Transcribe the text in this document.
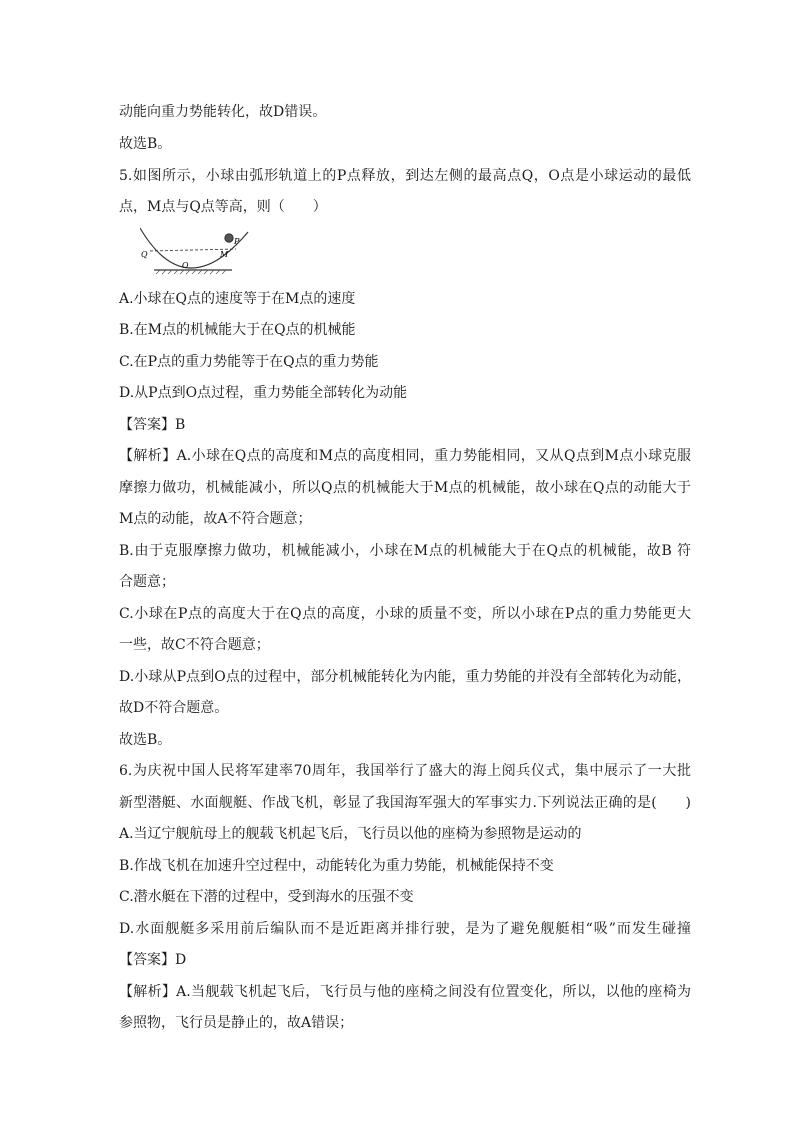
动能向重力势能转化，故D错误。
故选B。
5.如图所示，小球由弧形轨道上的P点释放，到达左侧的最高点Q，O点是小球运动的最低
点，M点与Q点等高，则（　　）
P
Q
O
M
A.小球在Q点的速度等于在M点的速度
B.在M点的机械能大于在Q点的机械能
C.在P点的重力势能等于在Q点的重力势能
D.从P点到O点过程，重力势能全部转化为动能
【答案】B
【解析】A.小球在Q点的高度和M点的高度相同，重力势能相同，又从Q点到M点小球克服
摩擦力做功，机械能减小，所以Q点的机械能大于M点的机械能，故小球在Q点的动能大于
M点的动能，故A不符合题意；
B.由于克服摩擦力做功，机械能减小，小球在M点的机械能大于在Q点的机械能，故B 符
合题意；
C.小球在P点的高度大于在Q点的高度，小球的质量不变，所以小球在P点的重力势能更大
一些，故C不符合题意；
D.小球从P点到O点的过程中，部分机械能转化为内能，重力势能的并没有全部转化为动能，
故D不符合题意。
故选B。
6.为庆祝中国人民将军建率70周年，我国举行了盛大的海上阅兵仪式，集中展示了一大批
新型潜艇、水面舰艇、作战飞机，彰显了我国海军强大的军事实力.下列说法正确的是(　　)
A.当辽宁舰航母上的舰载飞机起飞后，飞行员以他的座椅为参照物是运动的
B.作战飞机在加速升空过程中，动能转化为重力势能，机械能保持不变
C.潜水艇在下潜的过程中，受到海水的压强不变
D.水面舰艇多采用前后编队而不是近距离并排行驶，是为了避免舰艇相“吸”而发生碰撞
【答案】D
【解析】A.当舰载飞机起飞后，飞行员与他的座椅之间没有位置变化，所以，以他的座椅为
参照物，飞行员是静止的，故A错误；
